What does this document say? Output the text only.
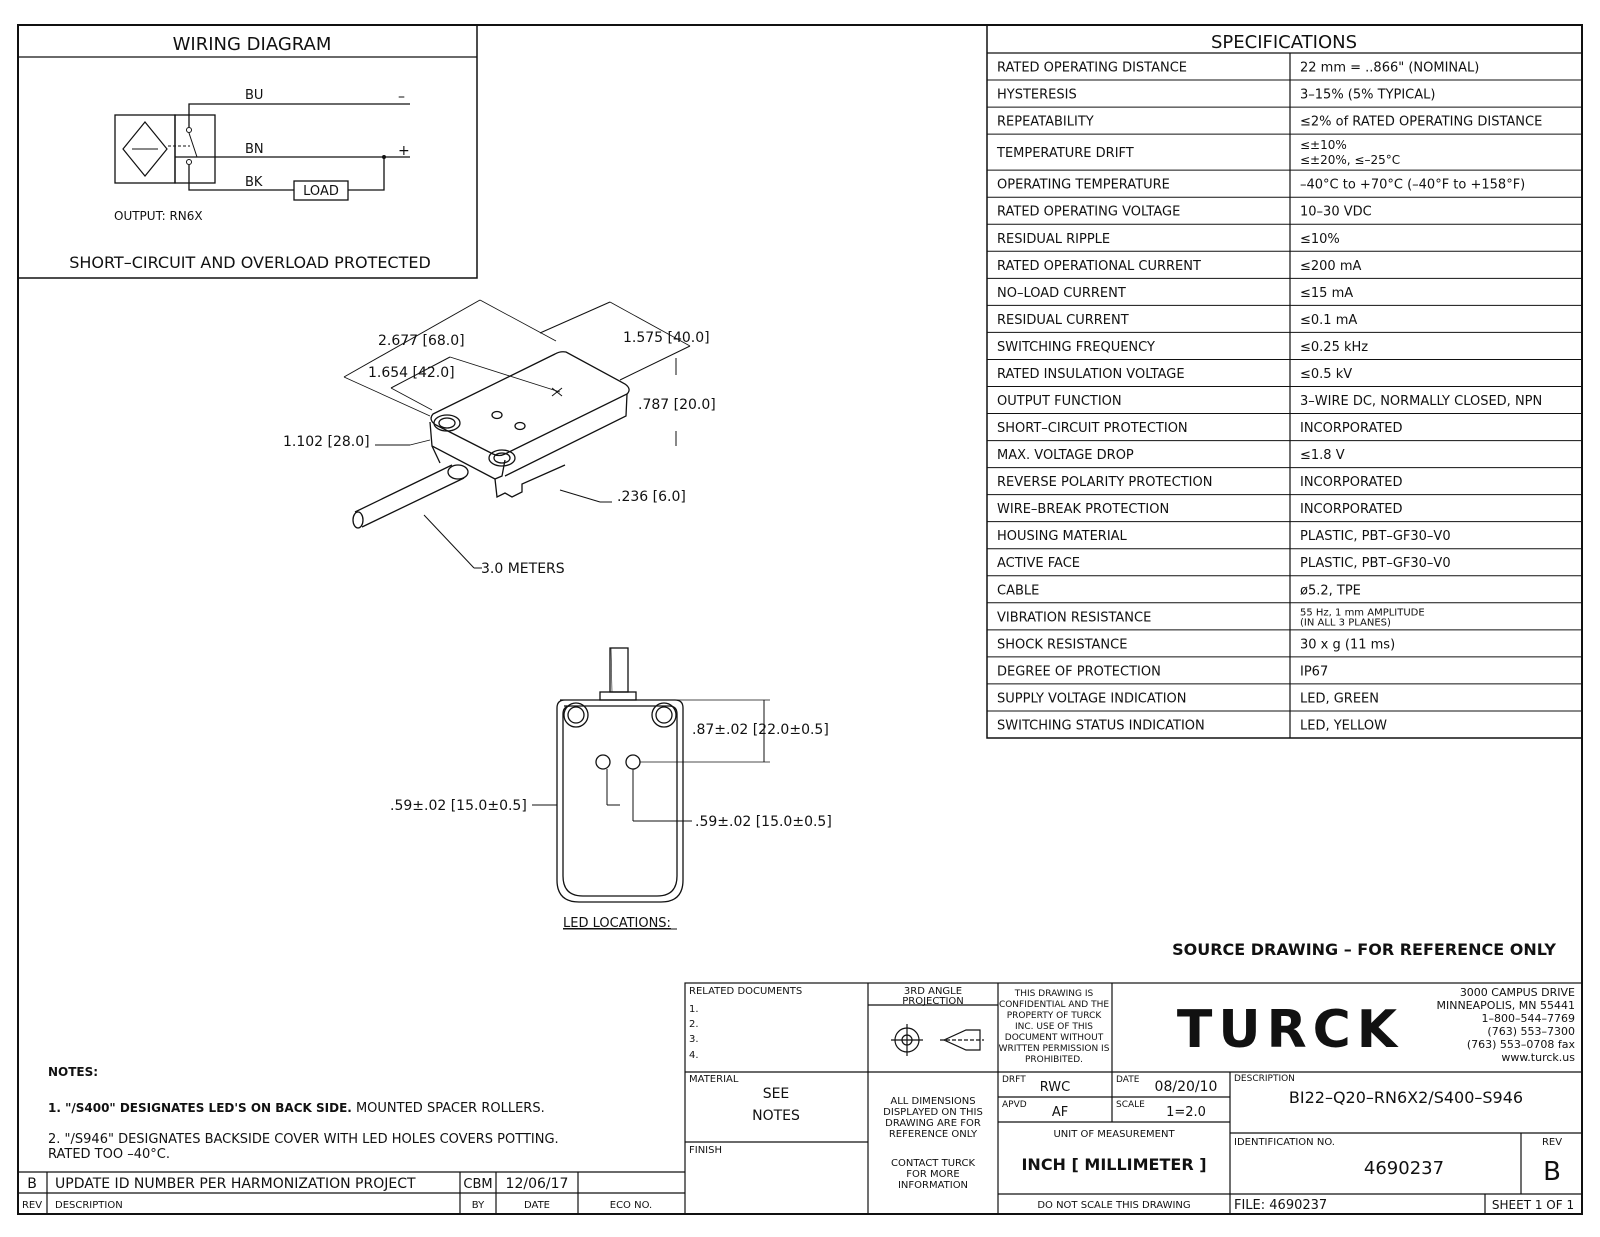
WIRING DIAGRAM
BU
BN
BK
–
+
LOAD
OUTPUT: RN6X
SHORT–CIRCUIT AND OVERLOAD PROTECTED
2.677 [68.0]	1.575 [40.0]
1.654 [42.0]
.787 [20.0]
1.102 [28.0]
.236 [6.0]
3.0 METERS
.87±.02 [22.0±0.5]
.59±.02 [15.0±0.5]
.59±.02 [15.0±0.5]
LED LOCATIONS:
SPECIFICATIONS
RATED OPERATING DISTANCE	22 mm = ..866" (NOMINAL)
HYSTERESIS	3–15% (5% TYPICAL)
REPEATABILITY	≤2% of RATED OPERATING DISTANCE
TEMPERATURE DRIFT
≤±10%
≤±20%, ≤–25°C
OPERATING TEMPERATURE	–40°C to +70°C (–40°F to +158°F)
RATED OPERATING VOLTAGE	10–30 VDC
RESIDUAL RIPPLE	≤10%
RATED OPERATIONAL CURRENT	≤200 mA
NO–LOAD CURRENT	≤15 mA
RESIDUAL CURRENT	≤0.1 mA
SWITCHING FREQUENCY	≤0.25 kHz
RATED INSULATION VOLTAGE	≤0.5 kV
OUTPUT FUNCTION	3–WIRE DC, NORMALLY CLOSED, NPN
SHORT–CIRCUIT PROTECTION	INCORPORATED
MAX. VOLTAGE DROP	≤1.8 V
REVERSE POLARITY PROTECTION	INCORPORATED
WIRE–BREAK PROTECTION	INCORPORATED
HOUSING MATERIAL	PLASTIC, PBT–GF30–V0
ACTIVE FACE	PLASTIC, PBT–GF30–V0
CABLE	ø5.2, TPE
VIBRATION RESISTANCE	55 Hz, 1 mm AMPLITUDE
(IN ALL 3 PLANES)
SHOCK RESISTANCE	30 x g (11 ms)
DEGREE OF PROTECTION	IP67
SUPPLY VOLTAGE INDICATION	LED, GREEN
SWITCHING STATUS INDICATION	LED, YELLOW
SOURCE DRAWING – FOR REFERENCE ONLY
NOTES:
1. "/S400" DESIGNATES LED'S ON BACK SIDE. MOUNTED SPACER ROLLERS.
2. "/S946" DESIGNATES BACKSIDE COVER WITH LED HOLES COVERS POTTING.
RATED TOO –40°C.
B UPDATE ID NUMBER PER HARMONIZATION PROJECT	CBM 12/06/17
REV DESCRIPTION	BY	DATE	ECO NO.
RELATED DOCUMENTS
1.
2.
3.
4.
MATERIAL
SEE
NOTES
FINISH
3RD ANGLE
PROJECTION
ALL DIMENSIONS
DISPLAYED ON THIS
DRAWING ARE FOR
REFERENCE ONLY
CONTACT TURCK
FOR MORE
INFORMATION
THIS DRAWING IS
CONFIDENTIAL AND THE
PROPERTY OF TURCK
INC. USE OF THIS
DOCUMENT WITHOUT
WRITTEN PERMISSION IS
PROHIBITED. TURCK
3000 CAMPUS DRIVE
MINNEAPOLIS, MN 55441
1–800–544–7769
(763) 553–7300
(763) 553–0708 fax
www.turck.us
DRFT RWC	DATE 08/20/10
APVD AF	SCALE 1=2.0
UNIT OF MEASUREMENT
INCH [ MILLIMETER ]
DO NOT SCALE THIS DRAWING
DESCRIPTION
BI22–Q20–RN6X2/S400–S946
IDENTIFICATION NO.
4690237
REV
B
FILE: 4690237	SHEET 1 OF 1
